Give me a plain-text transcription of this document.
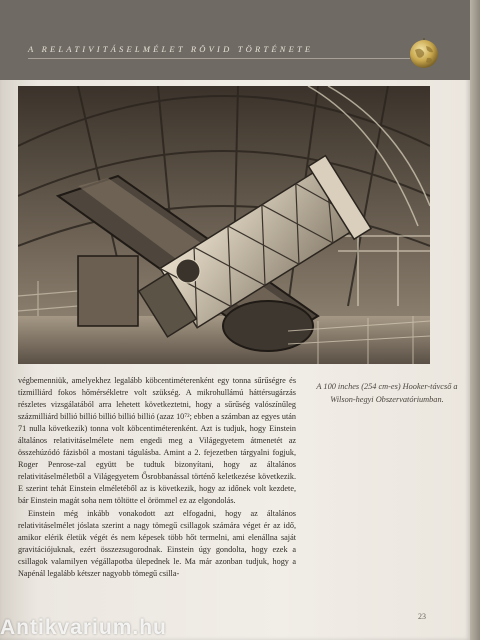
A RELATIVITÁSELMÉLET RÖVID TÖRTÉNETE

végbemenniük, amelyekhez legalább köbcentiméterenként egy tonna sűrűségre és tízmilliárd fokos hőmérsékletre volt szükség. A mikrohullámú háttérsugárzás részletes vizsgálatából arra lehetett következtetni, hogy a sűrűség valószínűleg százmilliárd billió billió billió billió billió (azaz 10⁷²; ebben a számban az egyes után 71 nulla következik) tonna volt köbcentiméterenként. Azt is tudjuk, hogy Einstein általános relativitáselmélete nem engedi meg a Világegyetem átmenetét az összehúzódó fázisból a mostani tágulásba. Amint a 2. fejezetben tárgyalni fogjuk, Roger Penrose-zal együtt be tudtuk bizonyítani, hogy az általános relativitáselméletből a Világegyetem Ősrobbanással történő keletkezése következik. E szerint tehát Einstein elméletéből az is következik, hogy az időnek volt kezdete, bár Einstein magát soha nem töltötte el örömmel ez az elgondolás.

Einstein még inkább vonakodott azt elfogadni, hogy az általános relativitáselmélet jóslata szerint a nagy tömegű csillagok számára véget ér az idő, amikor elérik életük végét és nem képesek több hőt termelni, ami elenállna saját gravitációjuknak, ezért összezsugorodnak. Einstein úgy gondolta, hogy ezek a csillagok valamilyen végállapotba ülepednek le. Ma már azonban tudjuk, hogy a Napénál legalább kétszer nagyobb tömegű csilla-

A 100 inches (254 cm-es) Hooker-távcső a Wilson-hegyi Obszervatóriumban.
23
Antikvarium.hu
